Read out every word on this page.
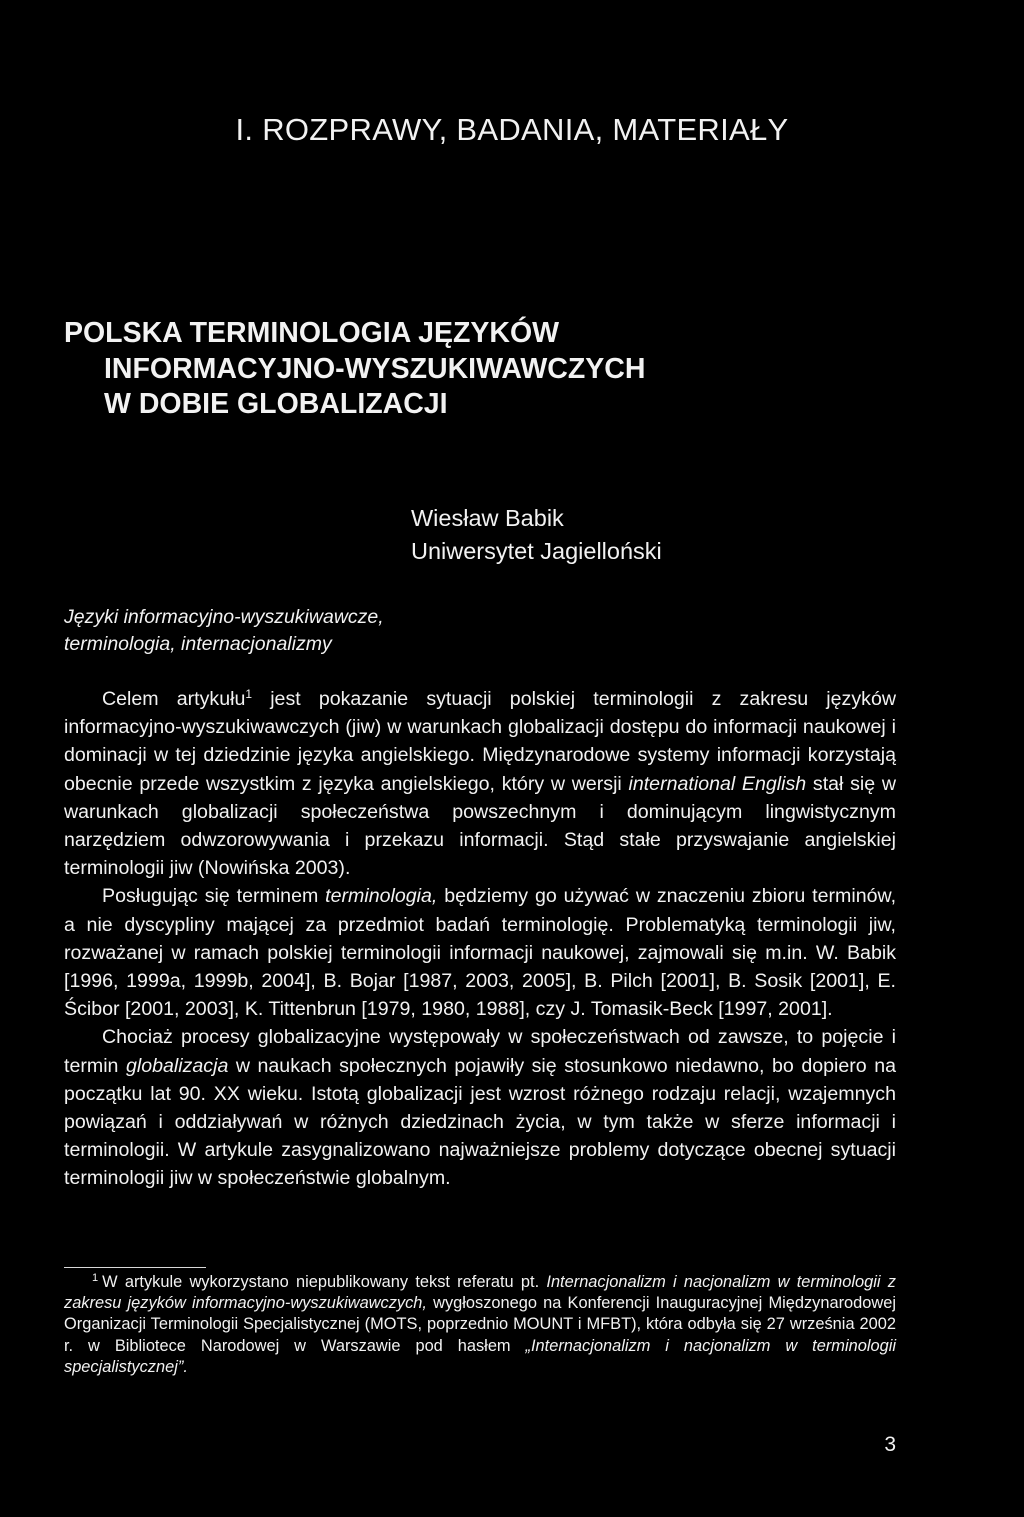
I. ROZPRAWY, BADANIA, MATERIAŁY
POLSKA TERMINOLOGIA JĘZYKÓW
INFORMACYJNO-WYSZUKIWAWCZYCH
W DOBIE GLOBALIZACJI
Wiesław Babik
Uniwersytet Jagielloński
Języki informacyjno-wyszukiwawcze, terminologia, internacjonalizmy

Celem artykułu$^1$ jest pokazanie sytuacji polskiej terminologii z zakresu języków informacyjno-wyszukiwawczych (jiw) w warunkach globalizacji dostępu do informacji naukowej i dominacji w tej dziedzinie języka angielskiego. Międzynarodowe systemy informacji korzystają obecnie przede wszystkim z języka angielskiego, który w wersji international English stał się w warunkach globalizacji społeczeństwa powszechnym i dominującym lingwistycznym narzędziem odwzorowywania i przekazu informacji. Stąd stałe przyswajanie angielskiej terminologii jiw (Nowińska 2003).

Posługując się terminem terminologia, będziemy go używać w znaczeniu zbioru terminów, a nie dyscypliny mającej za przedmiot badań terminologię. Problematyką terminologii jiw, rozważanej w ramach polskiej terminologii informacji naukowej, zajmowali się m.in. W. Babik [1996, 1999a, 1999b, 2004], B. Bojar [1987, 2003, 2005], B. Pilch [2001], B. Sosik [2001], E. Ścibor [2001, 2003], K. Tittenbrun [1979, 1980, 1988], czy J. Tomasik-Beck [1997, 2001].

Chociaż procesy globalizacyjne występowały w społeczeństwach od zawsze, to pojęcie i termin globalizacja w naukach społecznych pojawiły się stosunkowo niedawno, bo dopiero na początku lat 90. XX wieku. Istotą globalizacji jest wzrost różnego rodzaju relacji, wzajemnych powiązań i oddziaływań w różnych dziedzinach życia, w tym także w sferze informacji i terminologii. W artykule zasygnalizowano najważniejsze problemy dotyczące obecnej sytuacji terminologii jiw w społeczeństwie globalnym.

$^1$ W artykule wykorzystano niepublikowany tekst referatu pt. Internacjonalizm i nacjonalizm w terminologii z zakresu języków informacyjno-wyszukiwawczych, wygłoszonego na Konferencji Inauguracyjnej Międzynarodowej Organizacji Terminologii Specjalistycznej (MOTS, poprzednio MOUNT i MFBT), która odbyła się 27 września 2002 r. w Bibliotece Narodowej w Warszawie pod hasłem „Internacjonalizm i nacjonalizm w terminologii specjalistycznej”.

3
